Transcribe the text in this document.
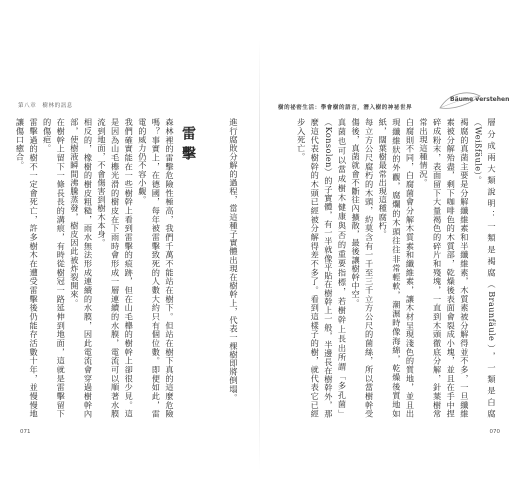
第八章　樹林的訊息
進行腐敗分解的過程，當這種子實體出現在樹幹上，代表一棵樹即將倒塌。
雷擊
森林裡的雷擊危險性極高，我們千萬不能站在樹下。但站在樹下真的這麼危險嗎？事實上，在德國，每年被雷擊致死的人數大約只有個位數。即便如此，雷電的威力仍不容小覷。
我們確實能在一些樹幹上看到雷擊的痕跡，但在山毛櫸的樹幹上卻很少見。這是因為山毛櫸光滑的樹皮在下雨時會形成一層連續的水膜，電流可以順著水膜流到地面，不會傷害到樹木本身。
相反的，橡樹的樹皮粗糙，雨水無法形成連續的水膜，因此電流會穿過樹幹內部，使樹液瞬間沸騰蒸發，樹皮因此被炸裂開來。
在樹幹上留下一條長長的溝痕，有時從樹冠一路延伸到地面，這就是雷擊留下的傷疤。
雷擊過的樹不一定會死亡，許多樹木在遭受雷擊後仍能存活數十年，並慢慢地讓傷口癒合。
071
Bäume verstehen
樹的祕密生活：學會樹的語言，潛入樹的神祕世界
層分成兩大類說明：一類是褐腐（Braunfäule），一類是白腐（Weißfäule）。
褐腐的真菌主要是分解纖維素和半纖維素，木質素被分解得並不多，一旦纖維素被分解殆盡，剩下咖啡色的木質部，乾燥後表面會裂成小塊，並且在手中捏碎成粉末，表面留下大量褐色的碎片和殘塊，一直到木頭徹底分解，針葉樹常常出現這種情況。
白腐則不同，白腐菌會分解木質素和纖維素，讓木材呈現淺色的質地，並且出現纖維狀的外觀，腐爛的木頭往往非常輕軟，潮濕時像海綿，乾燥後質地如紙，闊葉樹最常出現這種腐朽。
每立方公尺腐朽的木頭，約莫含有一千至三千立方公尺的菌絲，所以當樹幹受傷後，真菌就會不斷往內擴散，最後讓樹幹中空。
真菌也可以當成樹木健康與否的重要指標，若樹幹上長出所謂「多孔菌」（Konsolen）的子實體，有一半就像平貼在樹幹上一般，半邊長在樹幹外，那麼這代表樹幹的木頭已經被分解得差不多了。看到這樣子的樹，就代表它已經步入死亡。
070
